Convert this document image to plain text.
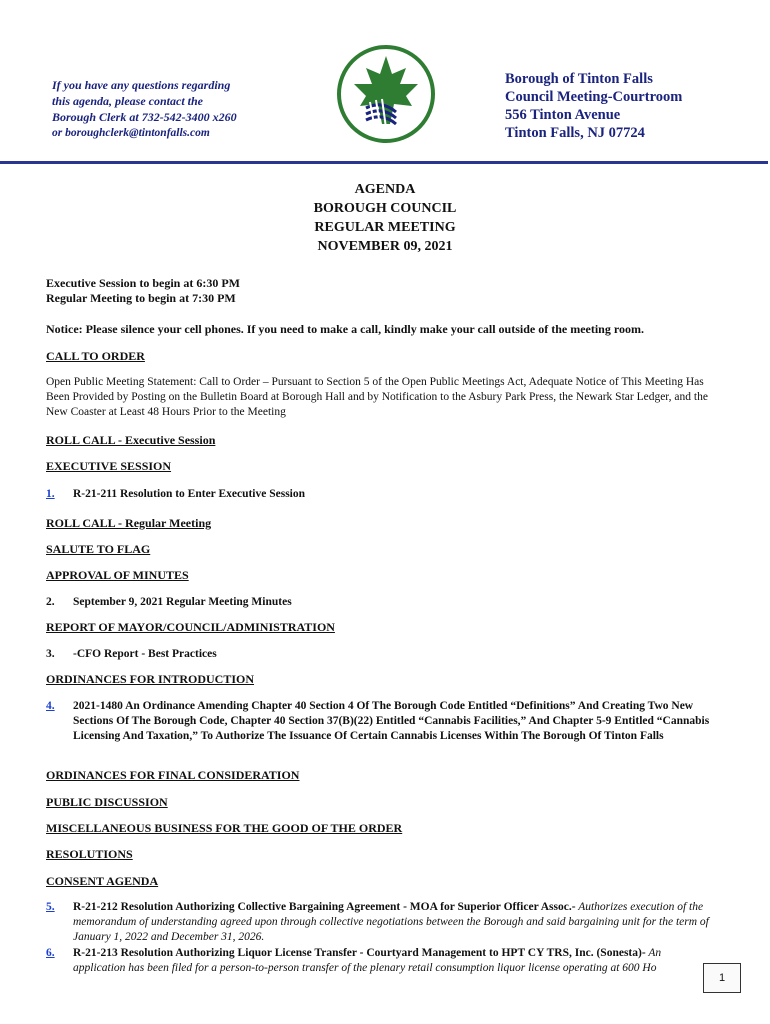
If you have any questions regarding
this agenda, please contact the
Borough Clerk at 732-542-3400 x260
or boroughclerk@tintonfalls.com
Borough of Tinton Falls
Council Meeting-Courtroom
556 Tinton Avenue
Tinton Falls, NJ 07724
AGENDA
BOROUGH COUNCIL
REGULAR MEETING
NOVEMBER 09, 2021
Executive Session to begin at 6:30 PM
Regular Meeting to begin at 7:30 PM
Notice: Please silence your cell phones. If you need to make a call, kindly make your call outside of the meeting room.
CALL TO ORDER
Open Public Meeting Statement: Call to Order – Pursuant to Section 5 of the Open Public Meetings Act, Adequate Notice of This Meeting Has Been Provided by Posting on the Bulletin Board at Borough Hall and by Notification to the Asbury Park Press, the Newark Star Ledger, and the New Coaster at Least 48 Hours Prior to the Meeting
ROLL CALL - Executive Session
EXECUTIVE SESSION
1. R-21-211 Resolution to Enter Executive Session
ROLL CALL - Regular Meeting
SALUTE TO FLAG
APPROVAL OF MINUTES
2. September 9, 2021 Regular Meeting Minutes
REPORT OF MAYOR/COUNCIL/ADMINISTRATION
3. -CFO Report - Best Practices
ORDINANCES FOR INTRODUCTION
4. 2021-1480 An Ordinance Amending Chapter 40 Section 4 Of The Borough Code Entitled “Definitions” And Creating Two New Sections Of The Borough Code, Chapter 40 Section 37(B)(22) Entitled “Cannabis Facilities,” And Chapter 5-9 Entitled “Cannabis Licensing And Taxation,” To Authorize The Issuance Of Certain Cannabis Licenses Within The Borough Of Tinton Falls
ORDINANCES FOR FINAL CONSIDERATION
PUBLIC DISCUSSION
MISCELLANEOUS BUSINESS FOR THE GOOD OF THE ORDER
RESOLUTIONS
CONSENT AGENDA
5. R-21-212 Resolution Authorizing Collective Bargaining Agreement - MOA for Superior Officer Assoc.- Authorizes execution of the memorandum of understanding agreed upon through collective negotiations between the Borough and said bargaining unit for the term of January 1, 2022 and December 31, 2026.
6. R-21-213 Resolution Authorizing Liquor License Transfer - Courtyard Management to HPT CY TRS, Inc. (Sonesta)- An application has been filed for a person-to-person transfer of the plenary retail consumption liquor license operating at 600 Ho
1
